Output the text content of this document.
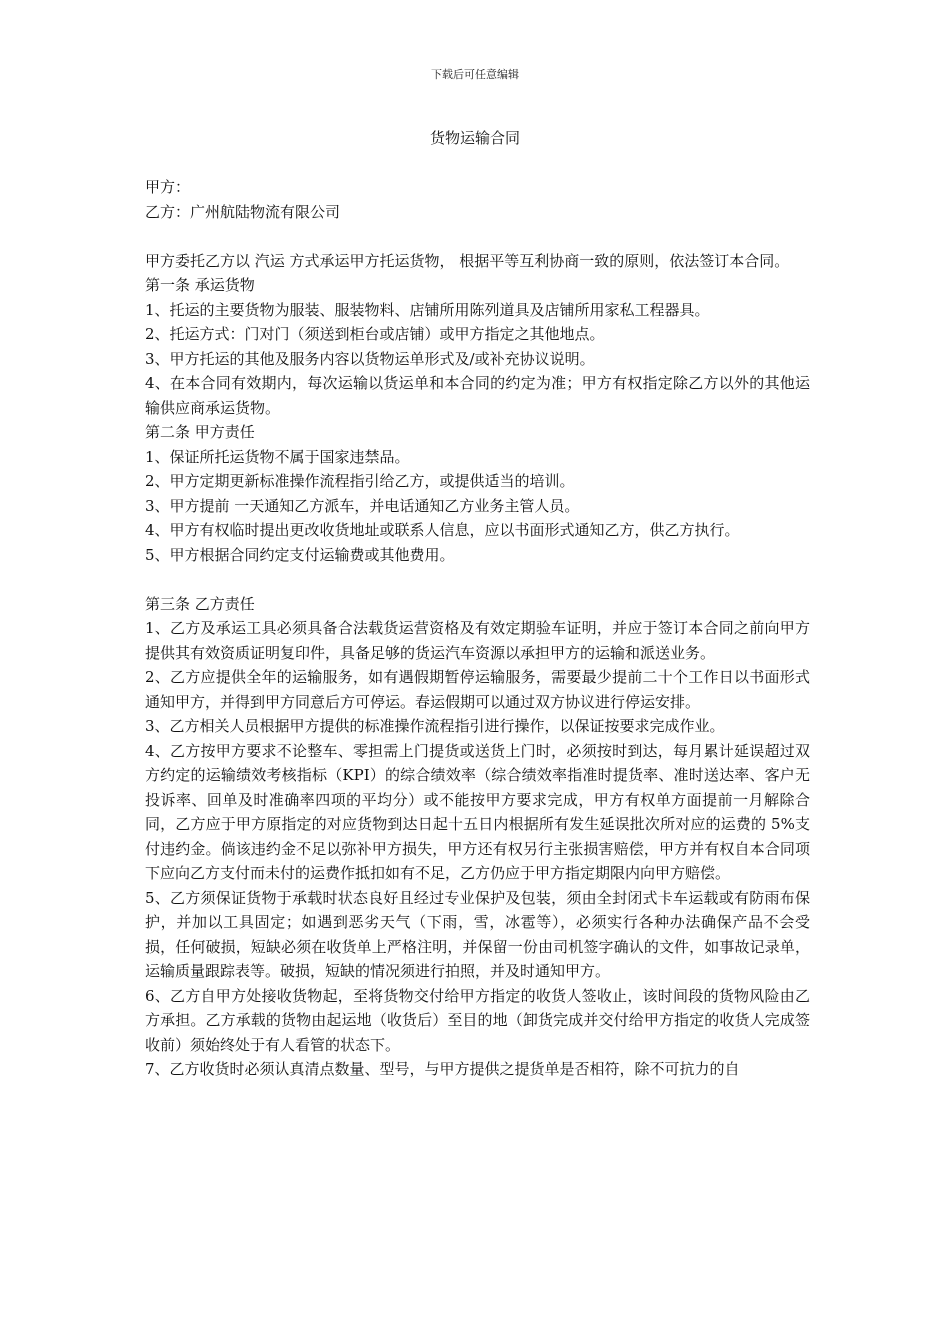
下载后可任意编辑
货物运输合同

甲方：

乙方：广州航陆物流有限公司

甲方委托乙方以 汽运 方式承运甲方托运货物， 根据平等互利协商一致的原则，依法签订本合同。

第一条 承运货物

1、托运的主要货物为服装、服装物料、店铺所用陈列道具及店铺所用家私工程器具。

2、托运方式：门对门（须送到柜台或店铺）或甲方指定之其他地点。

3、甲方托运的其他及服务内容以货物运单形式及/或补充协议说明。

4、在本合同有效期内，每次运输以货运单和本合同的约定为准；甲方有权指定除乙方以外的其他运输供应商承运货物。

第二条 甲方责任

1、保证所托运货物不属于国家违禁品。

2、甲方定期更新标准操作流程指引给乙方，或提供适当的培训。

3、甲方提前 一天通知乙方派车，并电话通知乙方业务主管人员。

4、甲方有权临时提出更改收货地址或联系人信息，应以书面形式通知乙方，供乙方执行。

5、甲方根据合同约定支付运输费或其他费用。

第三条 乙方责任

1、乙方及承运工具必须具备合法载货运营资格及有效定期验车证明，并应于签订本合同之前向甲方提供其有效资质证明复印件，具备足够的货运汽车资源以承担甲方的运输和派送业务。

2、乙方应提供全年的运输服务，如有遇假期暂停运输服务，需要最少提前二十个工作日以书面形式通知甲方，并得到甲方同意后方可停运。春运假期可以通过双方协议进行停运安排。

3、乙方相关人员根据甲方提供的标准操作流程指引进行操作，以保证按要求完成作业。

4、乙方按甲方要求不论整车、零担需上门提货或送货上门时，必须按时到达，每月累计延误超过双方约定的运输绩效考核指标（KPI）的综合绩效率（综合绩效率指准时提货率、准时送达率、客户无投诉率、回单及时准确率四项的平均分）或不能按甲方要求完成，甲方有权单方面提前一月解除合同，乙方应于甲方原指定的对应货物到达日起十五日内根据所有发生延误批次所对应的运费的 5%支付违约金。倘该违约金不足以弥补甲方损失，甲方还有权另行主张损害赔偿，甲方并有权自本合同项下应向乙方支付而未付的运费作抵扣如有不足，乙方仍应于甲方指定期限内向甲方赔偿。

5、乙方须保证货物于承载时状态良好且经过专业保护及包装，须由全封闭式卡车运载或有防雨布保护，并加以工具固定；如遇到恶劣天气（下雨，雪，冰雹等），必须实行各种办法确保产品不会受损，任何破损，短缺必须在收货单上严格注明，并保留一份由司机签字确认的文件，如事故记录单，运输质量跟踪表等。破损，短缺的情况须进行拍照，并及时通知甲方。

6、乙方自甲方处接收货物起，至将货物交付给甲方指定的收货人签收止，该时间段的货物风险由乙方承担。乙方承载的货物由起运地（收货后）至目的地（卸货完成并交付给甲方指定的收货人完成签收前）须始终处于有人看管的状态下。

7、乙方收货时必须认真清点数量、型号，与甲方提供之提货单是否相符，除不可抗力的自
